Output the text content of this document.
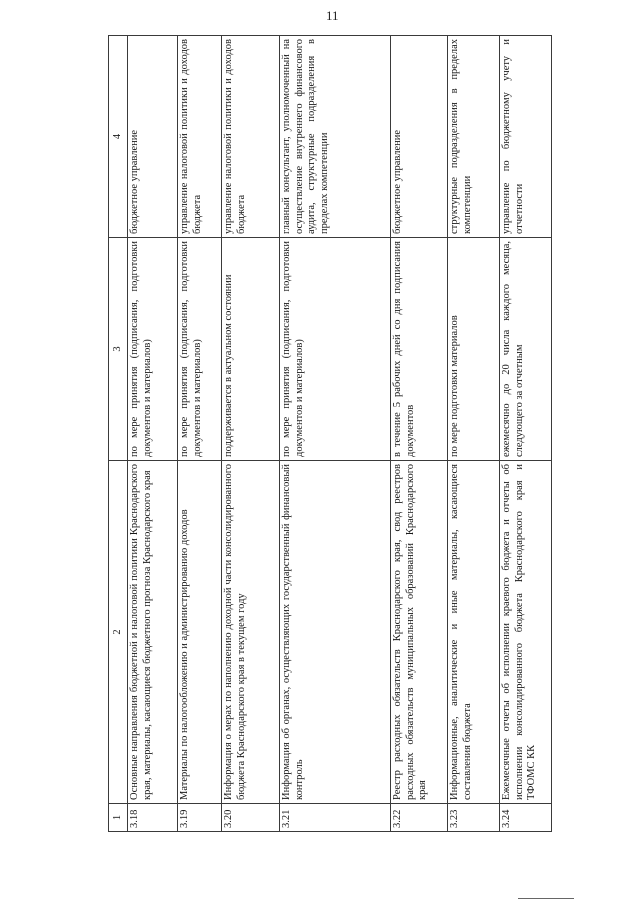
11
1	2	3	4
3.18	Основные направления бюджетной и налоговой политики Краснодарского края, материалы, касающиеся бюджетного прогноза Краснодарского края	по мере принятия (подписания, подготовки документов и материалов)	бюджетное управление
3.19	Материалы по налогообложению и администрированию доходов	по мере принятия (подписания, подготовки документов и материалов)	управление налоговой политики и доходов бюджета
3.20	Информация о мерах по наполнению доходной части консолидированного бюджета Краснодарского края в текущем году	поддерживается в актуальном состоянии	управление налоговой политики и доходов бюджета
3.21	Информация об органах, осуществляющих государственный финансовый контроль	по мере принятия (подписания, подготовки документов и материалов)	главный консультант, уполномоченный на осуществление внутреннего финансового аудита, структурные подразделения в пределах компетенции
3.22	Реестр расходных обязательств Краснодарского края, свод реестров расходных обязательств муниципальных образований Краснодарского края	в течение 5 рабочих дней со дня подписания документов	бюджетное управление
3.23	Информационные, аналитические и иные материалы, касающиеся составления бюджета	по мере подготовки материалов	структурные подразделения в пределах компетенции
3.24	Ежемесячные отчеты об исполнении краевого бюджета и отчеты об исполнении консолидированного бюджета Краснодарского края и ТФОМС КК	ежемесячно до 20 числа каждого месяца, следующего за отчетным	управление по бюджетному учету и отчетности
